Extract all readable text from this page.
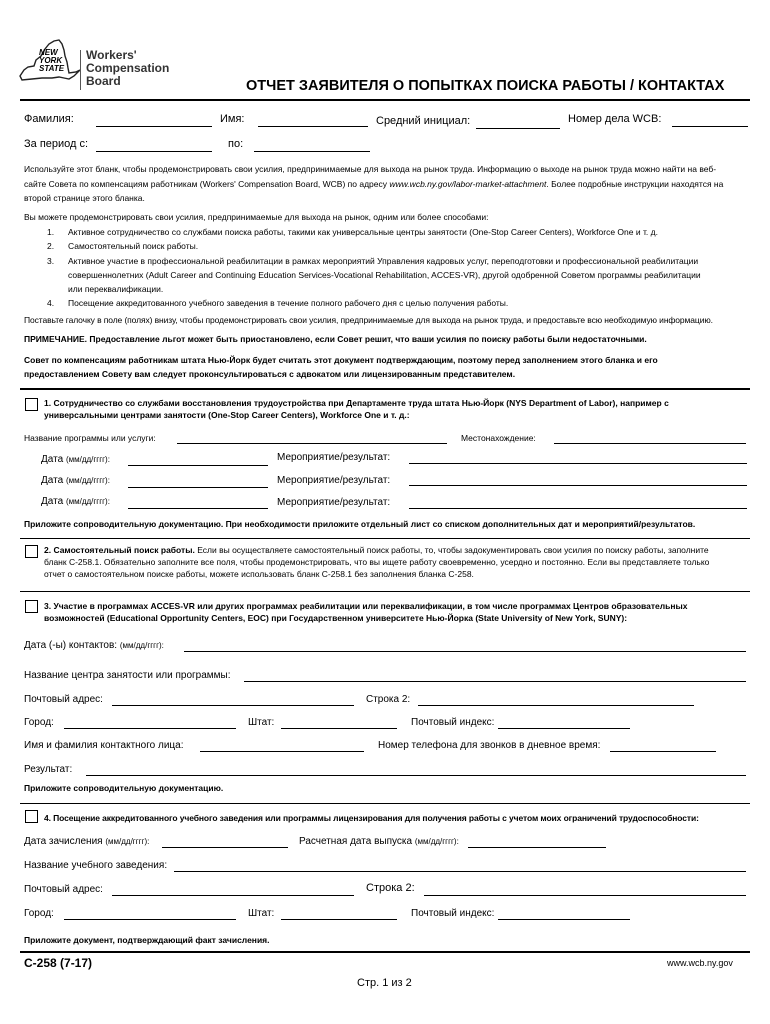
NEW
YORK
STATE
Workers'
Compensation
Board	ОТЧЕТ ЗАЯВИТЕЛЯ О ПОПЫТКАХ ПОИСКА РАБОТЫ / КОНТАКТАХ
Фамилия:	Имя:	Средний инициал:	Номер дела WCB:
За период с:	по:
Используйте этот бланк, чтобы продемонстрировать свои усилия, предпринимаемые для выхода на рынок труда. Информацию о выходе на рынок труда можно найти на веб-
сайте Совета по компенсациям работникам (Workers' Compensation Board, WCB) по адресу www.wcb.ny.gov/labor-market-attachment. Более подробные инструкции находятся на
второй странице этого бланка.
Вы можете продемонстрировать свои усилия, предпринимаемые для выхода на рынок, одним или более способами:
1. Активное сотрудничество со службами поиска работы, такими как универсальные центры занятости (One-Stop Career Centers), Workforce One и т. д.
2. Самостоятельный поиск работы.
3. Активное участие в профессиональной реабилитации в рамках мероприятий Управления кадровых услуг, переподготовки и профессиональной реабилитации
совершеннолетних (Adult Career and Continuing Education Services-Vocational Rehabilitation, ACCES-VR), другой одобренной Советом программы реабилитации
или переквалификации.
4. Посещение аккредитованного учебного заведения в течение полного рабочего дня с целью получения работы.
Поставьте галочку в поле (полях) внизу, чтобы продемонстрировать свои усилия, предпринимаемые для выхода на рынок труда, и предоставьте всю необходимую информацию.
ПРИМЕЧАНИЕ. Предоставление льгот может быть приостановлено, если Совет решит, что ваши усилия по поиску работы были недостаточными.
Совет по компенсациям работникам штата Нью-Йорк будет считать этот документ подтверждающим, поэтому перед заполнением этого бланка и его
предоставлением Совету вам следует проконсультироваться с адвокатом или лицензированным представителем.
1. Сотрудничество со службами восстановления трудоустройства при Департаменте труда штата Нью-Йорк (NYS Department of Labor), например с
универсальными центрами занятости (One-Stop Career Centers), Workforce One и т. д.:
Название программы или услуги:	Местонахождение:
Дата (мм/дд/гггг):	Мероприятие/результат:
Дата (мм/дд/гггг):	Мероприятие/результат:
Дата (мм/дд/гггг):	Мероприятие/результат:
Приложите сопроводительную документацию. При необходимости приложите отдельный лист со списком дополнительных дат и мероприятий/результатов.
2. Самостоятельный поиск работы. Если вы осуществляете самостоятельный поиск работы, то, чтобы задокументировать свои усилия по поиску работы, заполните
бланк C-258.1. Обязательно заполните все поля, чтобы продемонстрировать, что вы ищете работу своевременно, усердно и постоянно. Если вы представляете только
отчет о самостоятельном поиске работы, можете использовать бланк C-258.1 без заполнения бланка C-258.
3. Участие в программах ACCES-VR или других программах реабилитации или переквалификации, в том числе программах Центров образовательных
возможностей (Educational Opportunity Centers, EOC) при Государственном университете Нью-Йорка (State University of New York, SUNY):
Дата (-ы) контактов: (мм/дд/гггг):
Название центра занятости или программы:
Почтовый адрес:	Строка 2:
Город:	Штат:	Почтовый индекс:
Имя и фамилия контактного лица:	Номер телефона для звонков в дневное время:
Результат:
Приложите сопроводительную документацию.
4. Посещение аккредитованного учебного заведения или программы лицензирования для получения работы с учетом моих ограничений трудоспособности:
Дата зачисления (мм/дд/гггг):	Расчетная дата выпуска (мм/дд/гггг):
Название учебного заведения:
Почтовый адрес:	Строка 2:
Город:	Штат:	Почтовый индекс:
Приложите документ, подтверждающий факт зачисления.
C-258 (7-17)	www.wcb.ny.gov
Стр. 1 из 2
